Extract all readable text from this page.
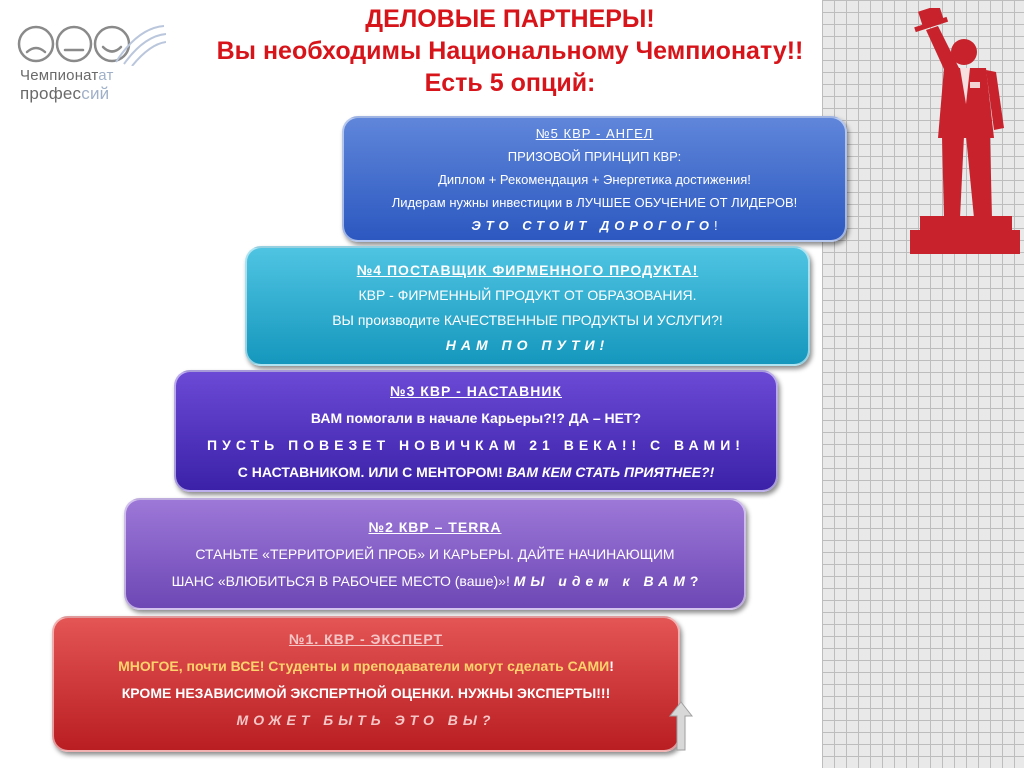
Чемпионатат
профессий
ДЕЛОВЫЕ ПАРТНЕРЫ!
Вы необходимы Национальному Чемпионату!!
Есть 5 опций:
№5 КВР - АНГЕЛ
ПРИЗОВОЙ ПРИНЦИП КВР:
Диплом + Рекомендация + Энергетика достижения!
Лидерам нужны инвестиции в ЛУЧШЕЕ ОБУЧЕНИЕ ОТ ЛИДЕРОВ!
ЭТО СТОИТ ДОРОГОГО!
№4 ПОСТАВЩИК ФИРМЕННОГО ПРОДУКТА!
КВР - ФИРМЕННЫЙ ПРОДУКТ ОТ ОБРАЗОВАНИЯ.
ВЫ производите КАЧЕСТВЕННЫЕ ПРОДУКТЫ И УСЛУГИ?!
НАМ ПО ПУТИ!
№3 КВР - НАСТАВНИК
ВАМ помогали в начале Карьеры?!? ДА – НЕТ?
ПУСТЬ ПОВЕЗЕТ НОВИЧКАМ 21 ВЕКА!! С ВАМИ!
С НАСТАВНИКОМ. ИЛИ С МЕНТОРОМ! ВАМ КЕМ СТАТЬ ПРИЯТНЕЕ?!
№2 КВР – TERRA
СТАНЬТЕ «ТЕРРИТОРИЕЙ ПРОБ» И КАРЬЕРЫ. ДАЙТЕ НАЧИНАЮЩИМ
ШАНС «ВЛЮБИТЬСЯ В РАБОЧЕЕ МЕСТО (ваше)»! МЫ идем к ВАМ?
№1. КВР - ЭКСПЕРТ
МНОГОЕ, почти ВСЕ! Студенты и преподаватели могут сделать САМИ!
КРОМЕ НЕЗАВИСИМОЙ ЭКСПЕРТНОЙ ОЦЕНКИ. НУЖНЫ ЭКСПЕРТЫ!!!
МОЖЕТ БЫТЬ ЭТО ВЫ?
